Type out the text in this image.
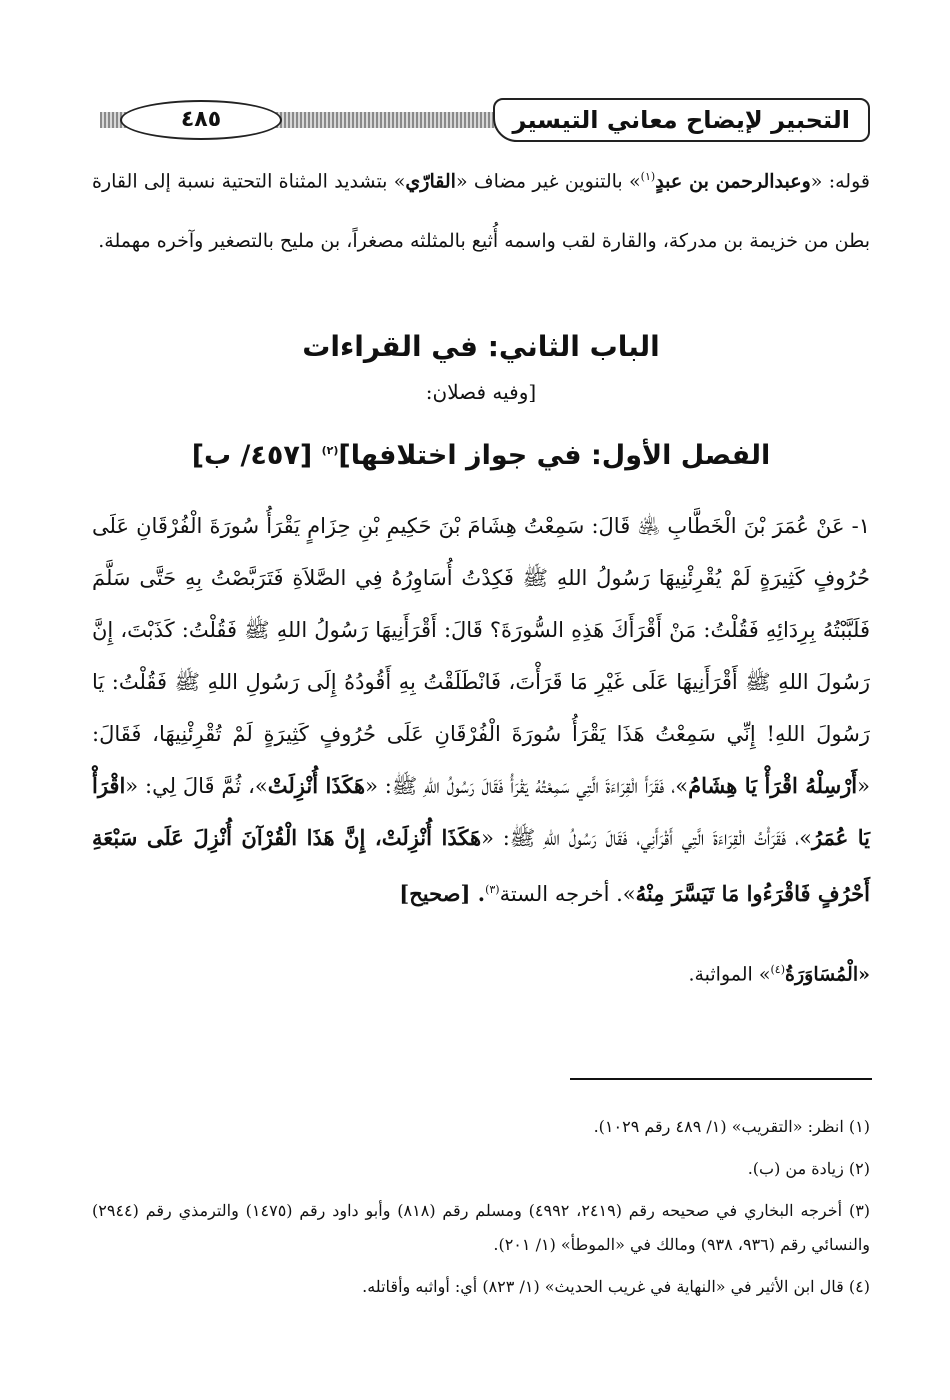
التحبير لإيضاح معاني التيسير
٤٨٥
قوله: «وعبدالرحمن بن عبدٍ$^{(١)}$» بالتنوين غير مضاف «القارّي» بتشديد المثناة التحتية نسبة إلى القارة بطن من خزيمة بن مدركة، والقارة لقب واسمه أُثيع بالمثلثه مصغراً، بن مليح بالتصغير وآخره مهملة.
الباب الثاني: في القراءات
[وفيه فصلان:
الفصل الأول: في جواز اختلافها]$^{(٢)}$ [٤٥٧/ ب]
١- عَنْ عُمَرَ بْنَ الْخَطَّابِ ﵁ قَالَ: سَمِعْتُ هِشَامَ بْنَ حَكِيمِ بْنِ حِزَامٍ يَقْرَأُ سُورَةَ الْفُرْقَانِ عَلَى حُرُوفٍ كَثِيرَةٍ لَمْ يُقْرِئْنِيهَا رَسُولُ اللهِ ﷺ فَكِدْتُ أُسَاوِرُهُ فِي الصَّلاَةِ فَتَرَبَّصْتُ بِهِ حَتَّى سَلَّمَ فَلَبَّبْتُهُ بِرِدَائِهِ فَقُلْتُ: مَنْ أَقْرَأَكَ هَذِهِ السُّورَةَ؟ قَالَ: أَقْرَأَنِيهَا رَسُولُ اللهِ ﷺ فَقُلْتُ: كَذَبْتَ، إِنَّ رَسُولَ اللهِ ﷺ أَقْرَأَنِيهَا عَلَى غَيْرِ مَا قَرَأْتَ، فَانْطَلَقْتُ بِهِ أَقُودُهُ إِلَى رَسُولِ اللهِ ﷺ فَقُلْتُ: يَا رَسُولَ اللهِ! إِنِّي سَمِعْتُ هَذَا يَقْرَأُ سُورَةَ الْفُرْقَانِ عَلَى حُرُوفٍ كَثِيرَةٍ لَمْ تُقْرِئْنِيهَا، فَقَالَ: «أَرْسِلْهُ اقْرَأْ يَا هِشَامُ»، فَقَرَأَ الْقِرَاءَةَ الَّتِي سَمِعْتُهُ يَقْرَأُ فَقَالَ رَسُولُ اللهِ ﷺ: «هَكَذَا أُنْزِلَتْ»، ثُمَّ قَالَ لِي: «اقْرَأْ يَا عُمَرُ»، فَقَرَأْتُ الْقِرَاءَةَ الَّتِي أَقْرَأَنِي، فَقَالَ رَسُولُ اللهِ ﷺ: «هَكَذَا أُنْزِلَتْ، إِنَّ هَذَا الْقُرْآنَ أُنْزِلَ عَلَى سَبْعَةِ أَحْرُفٍ فَاقْرَءُوا مَا تَيَسَّرَ مِنْهُ». أخرجه الستة$^{(٣)}$. [صحيح]
«الْمُسَاوَرَةُ$^{(٤)}$» المواثبة.

(١) انظر: «التقريب» (١/ ٤٨٩ رقم ١٠٢٩).

(٢) زيادة من (ب).

(٣) أخرجه البخاري في صحيحه رقم (٢٤١٩، ٤٩٩٢) ومسلم رقم (٨١٨) وأبو داود رقم (١٤٧٥) والترمذي رقم (٢٩٤٤) والنسائي رقم (٩٣٦، ٩٣٨) ومالك في «الموطأ» (١/ ٢٠١).

(٤) قال ابن الأثير في «النهاية في غريب الحديث» (١/ ٨٢٣) أي: أواثبه وأقاتله.
